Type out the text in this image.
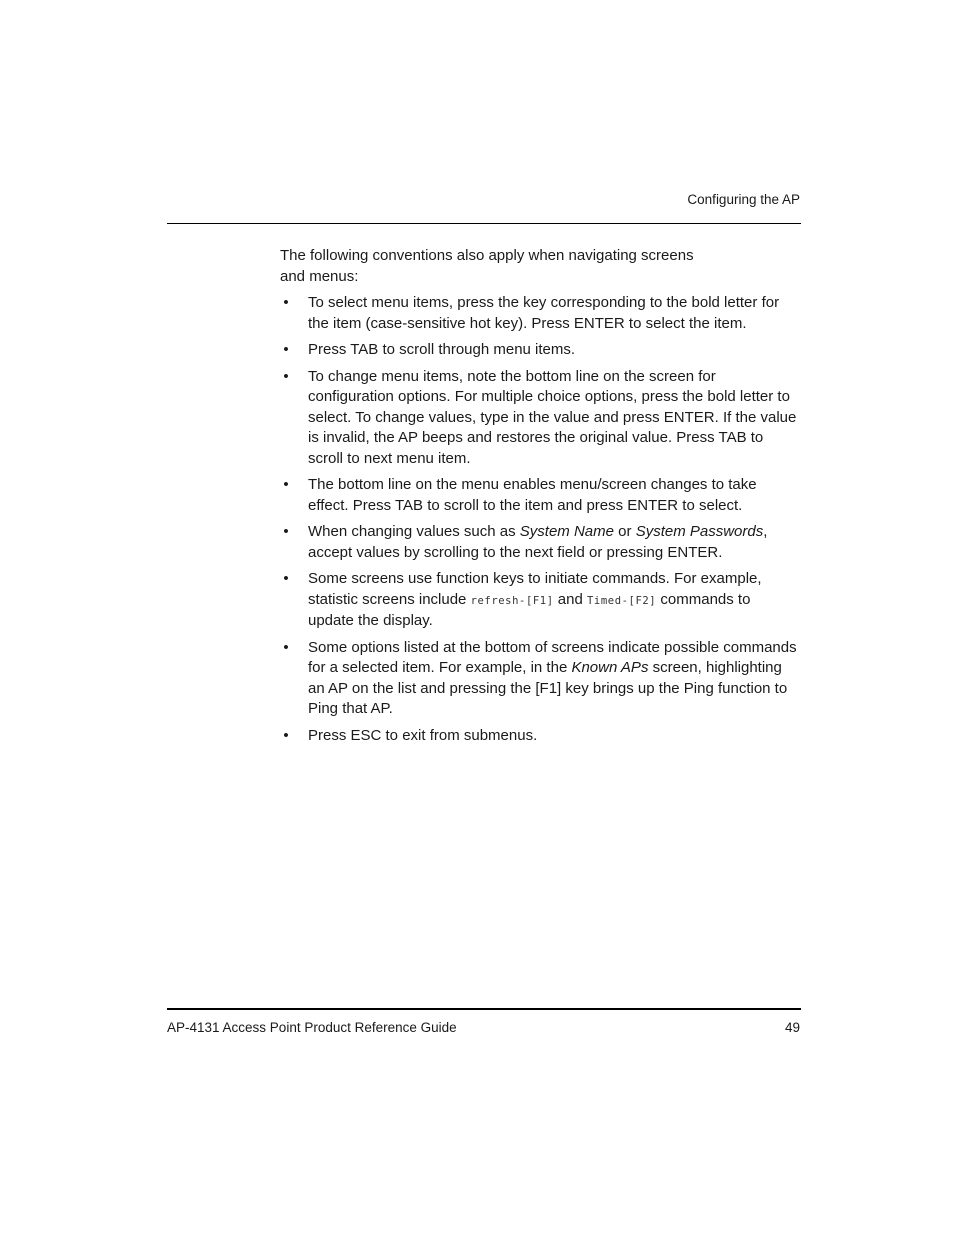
Configuring the AP

The following conventions also apply when navigating screens and menus:

• To select menu items, press the key corresponding to the bold letter for the item (case-sensitive hot key). Press ENTER to select the item.
• Press TAB to scroll through menu items.
• To change menu items, note the bottom line on the screen for configuration options. For multiple choice options, press the bold letter to select. To change values, type in the value and press ENTER. If the value is invalid, the AP beeps and restores the original value. Press TAB to scroll to next menu item.
• The bottom line on the menu enables menu/screen changes to take effect. Press TAB to scroll to the item and press ENTER to select.
• When changing values such as System Name or System Passwords, accept values by scrolling to the next field or pressing ENTER.
• Some screens use function keys to initiate commands. For example, statistic screens include refresh-[F1] and Timed-[F2] commands to update the display.
• Some options listed at the bottom of screens indicate possible commands for a selected item. For example, in the Known APs screen, highlighting an AP on the list and pressing the [F1] key brings up the Ping function to Ping that AP.
• Press ESC to exit from submenus.
AP-4131 Access Point Product Reference Guide	49
